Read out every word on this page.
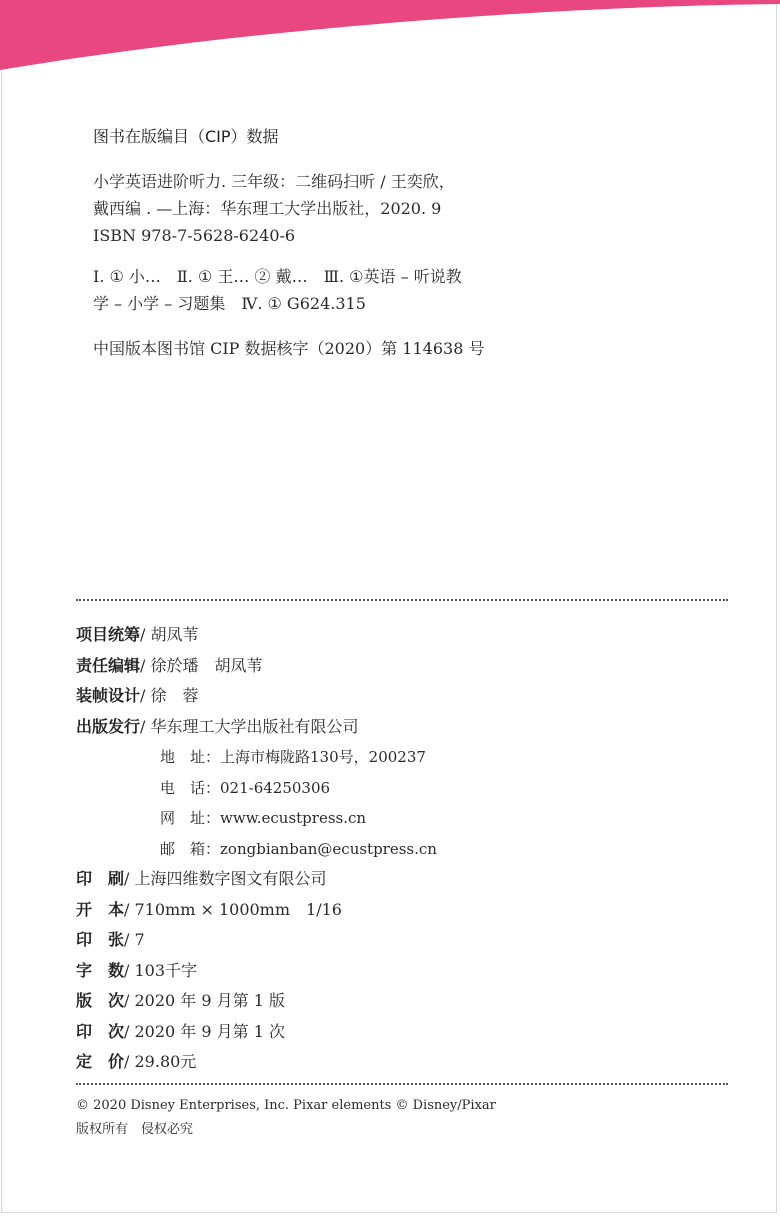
图书在版编目（CIP）数据
小学英语进阶听力. 三年级：二维码扫听 / 王奕欣，
戴西编 . —上海：华东理工大学出版社，2020. 9
ISBN 978-7-5628-6240-6
Ⅰ. ① 小…　Ⅱ. ① 王… ② 戴…　Ⅲ. ①英语 – 听说教
学 – 小学 – 习题集　Ⅳ. ① G624.315
中国版本图书馆 CIP 数据核字（2020）第 114638 号
项目统筹/ 胡凤苇
责任编辑/ 徐於璠　胡凤苇
装帧设计/ 徐　蓉
出版发行/ 华东理工大学出版社有限公司
地　址：上海市梅陇路130号，200237
电　话：021-64250306
网　址：www.ecustpress.cn
邮　箱：zongbianban@ecustpress.cn
印　刷/ 上海四维数字图文有限公司
开　本/ 710mm × 1000mm　1/16
印　张/ 7
字　数/ 103千字
版　次/ 2020 年 9 月第 1 版
印　次/ 2020 年 9 月第 1 次
定　价/ 29.80元
© 2020 Disney Enterprises, Inc. Pixar elements © Disney/Pixar
版权所有　侵权必究
